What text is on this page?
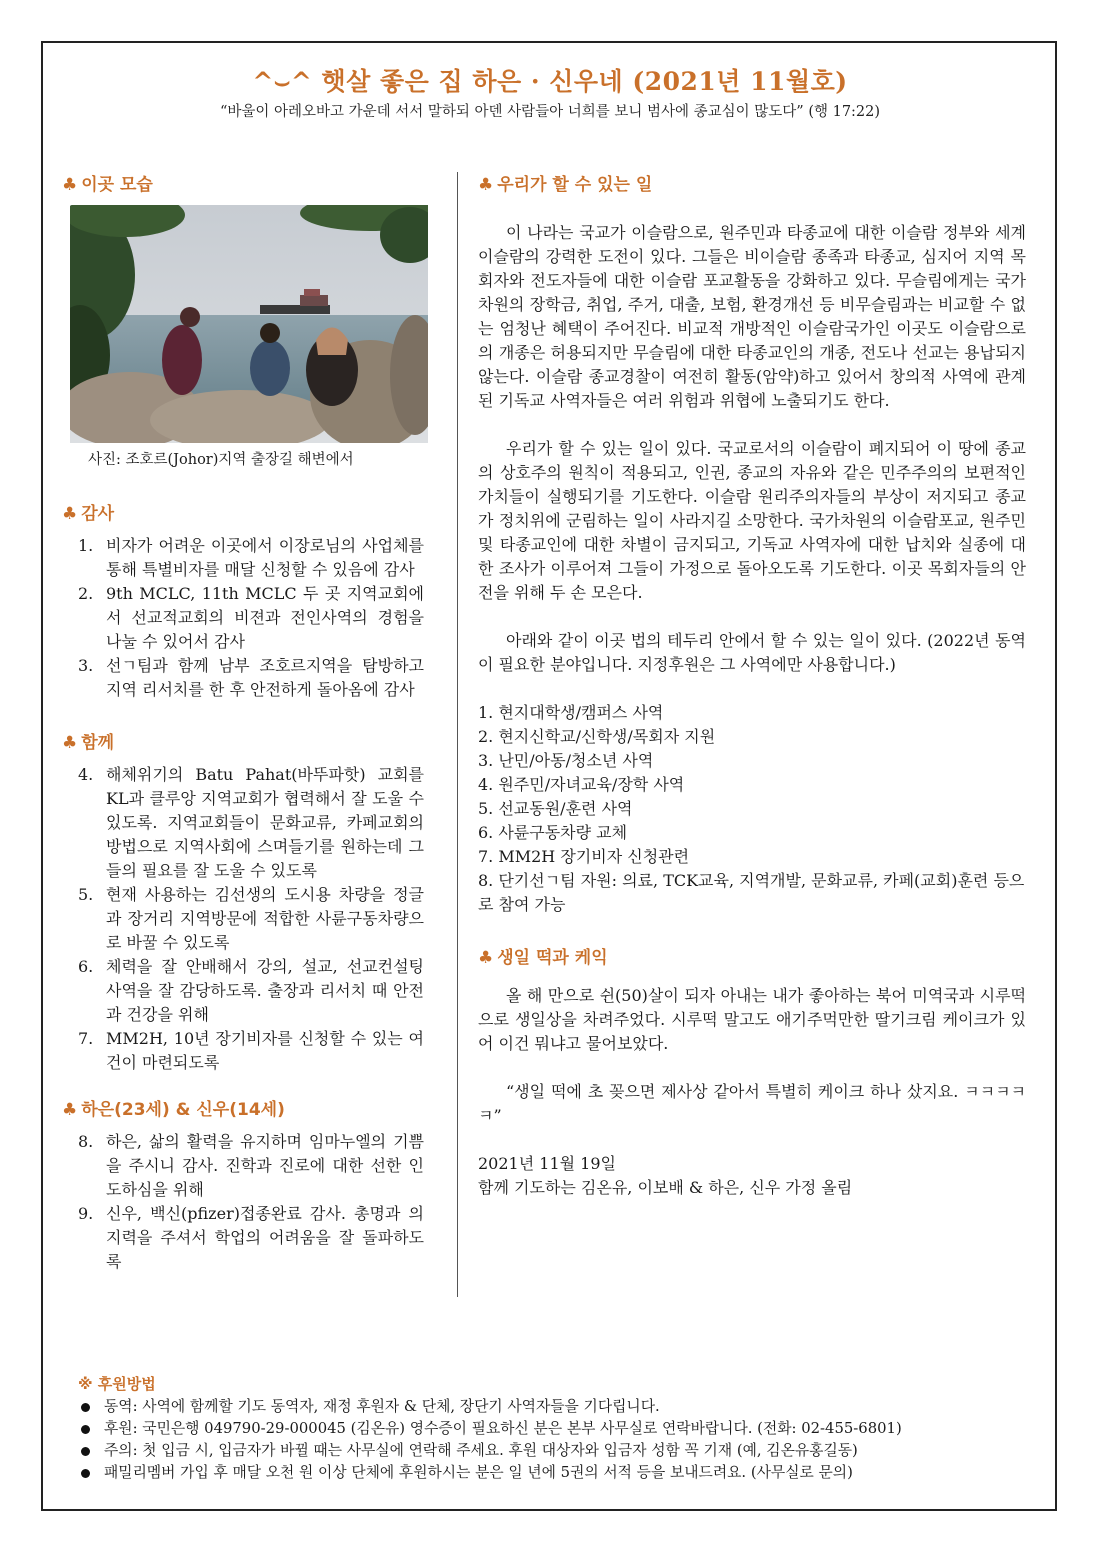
^⌣^ 햇살 좋은 집 하은 · 신우네 (2021년 11월호)
“바울이 아레오바고 가운데 서서 말하되 아덴 사람들아 너희를 보니 범사에 종교심이 많도다” (행 17:22)
♣ 이곳 모습
사진: 조호르(Johor)지역 출장길 해변에서
♣ 감사
1. 비자가 어려운 이곳에서 이장로님의 사업체를 통해 특별비자를 매달 신청할 수 있음에 감사
2. 9th MCLC, 11th MCLC 두 곳 지역교회에서 선교적교회의 비젼과 전인사역의 경험을 나눌 수 있어서 감사
3. 선ㄱ팀과 함께 남부 조호르지역을 탐방하고 지역 리서치를 한 후 안전하게 돌아옴에 감사
♣ 함께
4. 해체위기의 Batu Pahat(바뚜파핫) 교회를 KL과 클루앙 지역교회가 협력해서 잘 도울 수 있도록. 지역교회들이 문화교류, 카페교회의 방법으로 지역사회에 스며들기를 원하는데 그들의 필요를 잘 도울 수 있도록
5. 현재 사용하는 김선생의 도시용 차량을 정글과 장거리 지역방문에 적합한 사륜구동차량으로 바꿀 수 있도록
6. 체력을 잘 안배해서 강의, 설교, 선교컨설팅 사역을 잘 감당하도록. 출장과 리서치 때 안전과 건강을 위해
7. MM2H, 10년 장기비자를 신청할 수 있는 여건이 마련되도록
♣ 하은(23세) & 신우(14세)
8. 하은, 삶의 활력을 유지하며 임마누엘의 기쁨을 주시니 감사. 진학과 진로에 대한 선한 인도하심을 위해
9. 신우, 백신(pfizer)접종완료 감사. 총명과 의지력을 주셔서 학업의 어려움을 잘 돌파하도록
♣ 우리가 할 수 있는 일

이 나라는 국교가 이슬람으로, 원주민과 타종교에 대한 이슬람 정부와 세계 이슬람의 강력한 도전이 있다. 그들은 비이슬람 종족과 타종교, 심지어 지역 목회자와 전도자들에 대한 이슬람 포교활동을 강화하고 있다. 무슬림에게는 국가차원의 장학금, 취업, 주거, 대출, 보험, 환경개선 등 비무슬림과는 비교할 수 없는 엄청난 혜택이 주어진다. 비교적 개방적인 이슬람국가인 이곳도 이슬람으로의 개종은 허용되지만 무슬림에 대한 타종교인의 개종, 전도나 선교는 용납되지 않는다. 이슬람 종교경찰이 여전히 활동(암약)하고 있어서 창의적 사역에 관계된 기독교 사역자들은 여러 위험과 위협에 노출되기도 한다.

우리가 할 수 있는 일이 있다. 국교로서의 이슬람이 폐지되어 이 땅에 종교의 상호주의 원칙이 적용되고, 인권, 종교의 자유와 같은 민주주의의 보편적인 가치들이 실행되기를 기도한다. 이슬람 원리주의자들의 부상이 저지되고 종교가 정치위에 군림하는 일이 사라지길 소망한다. 국가차원의 이슬람포교, 원주민 및 타종교인에 대한 차별이 금지되고, 기독교 사역자에 대한 납치와 실종에 대한 조사가 이루어져 그들이 가정으로 돌아오도록 기도한다. 이곳 목회자들의 안전을 위해 두 손 모은다.

아래와 같이 이곳 법의 테두리 안에서 할 수 있는 일이 있다. (2022년 동역이 필요한 분야입니다. 지정후원은 그 사역에만 사용합니다.)

1. 현지대학생/캠퍼스 사역
2. 현지신학교/신학생/목회자 지원
3. 난민/아동/청소년 사역
4. 원주민/자녀교육/장학 사역
5. 선교동원/훈련 사역
6. 사륜구동차량 교체
7. MM2H 장기비자 신청관련
8. 단기선ㄱ팀 자원: 의료, TCK교육, 지역개발, 문화교류, 카페(교회)훈련 등으로 참여 가능
♣ 생일 떡과 케익

올 해 만으로 쉰(50)살이 되자 아내는 내가 좋아하는 북어 미역국과 시루떡으로 생일상을 차려주었다. 시루떡 말고도 애기주먹만한 딸기크림 케이크가 있어 이건 뭐냐고 물어보았다.

“생일 떡에 초 꽂으면 제사상 같아서 특별히 케이크 하나 샀지요. ㅋㅋㅋㅋㅋ”

2021년 11월 19일

함께 기도하는 김온유, 이보배 & 하은, 신우 가정 올림

※ 후원방법
동역: 사역에 함께할 기도 동역자, 재정 후원자 & 단체, 장단기 사역자들을 기다립니다.
후원: 국민은행 049790-29-000045 (김온유) 영수증이 필요하신 분은 본부 사무실로 연락바랍니다. (전화: 02-455-6801)
주의: 첫 입금 시, 입금자가 바뀔 때는 사무실에 연락해 주세요. 후원 대상자와 입금자 성함 꼭 기재 (예, 김온유홍길동)
패밀리멤버 가입 후 매달 오천 원 이상 단체에 후원하시는 분은 일 년에 5권의 서적 등을 보내드려요. (사무실로 문의)
